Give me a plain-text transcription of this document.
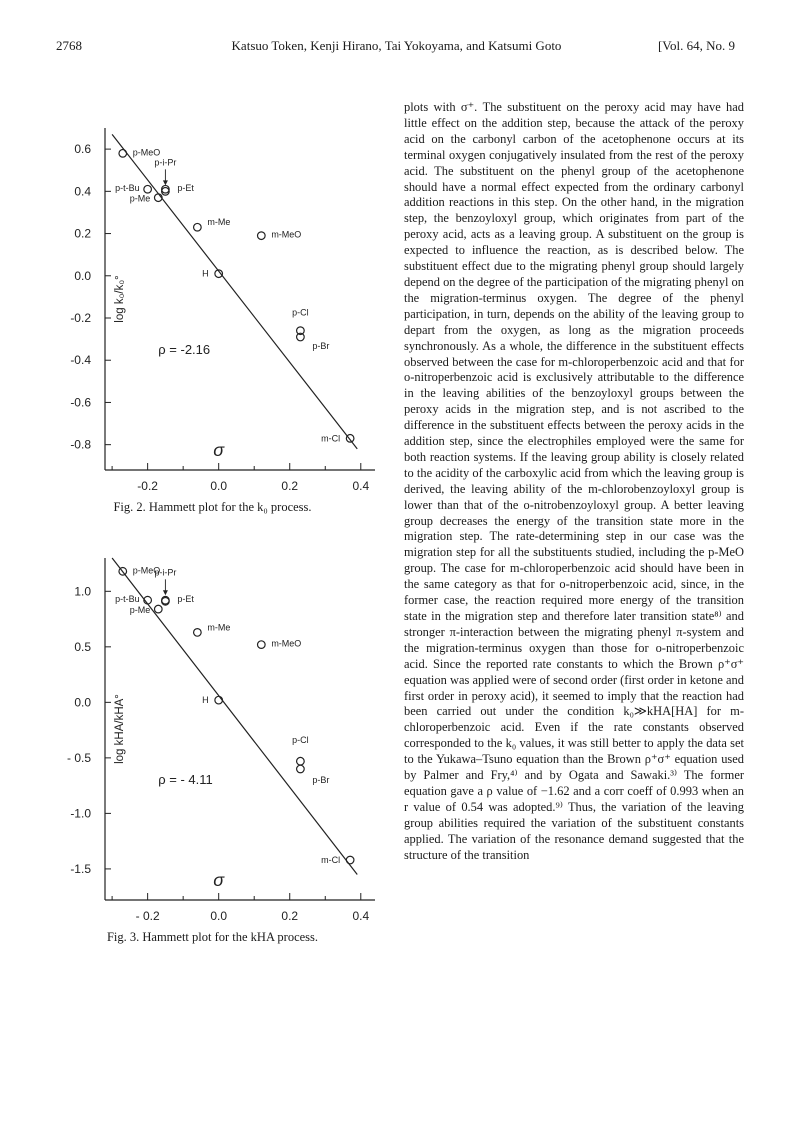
2768	Katsuo Token, Kenji Hirano, Tai Yokoyama, and Katsumi Goto	[Vol. 64, No. 9
0.6
0.4
0.2
0.0
-0.2
-0.4
-0.6
-0.8
-0.2	0.0	0.2	0.4
σ
log k₀/k₀°
p-MeO
p-i-Pr
p-t-Bu	p-Et
p-Me
m-Me
m-MeO
H
p-Cl
p-Br
m-Cl
ρ = -2.16
Fig. 2. Hammett plot for the k₀ process.
1.0
0.5
0.0
- 0.5
-1.0
-1.5
- 0.2	0.0	0.2	0.4
σ
log kHA/kHA°
p-MeO
p-i-Pr
p-t-Bu	p-Et
p-Me
m-Me
m-MeO
H
p-Cl
p-Br
m-Cl
ρ = - 4.11
Fig. 3. Hammett plot for the kHA process.

plots with σ⁺. The substituent on the peroxy acid may have had little effect on the addition step, because the attack of the peroxy acid on the carbonyl carbon of the acetophenone occurs at its terminal oxygen conjugatively insulated from the rest of the peroxy acid. The substituent on the phenyl group of the acetophenone should have a normal effect expected from the ordinary carbonyl addition reactions in this step. On the other hand, in the migration step, the benzoyloxyl group, which originates from part of the peroxy acid, acts as a leaving group. A substituent on the group is expected to influence the reaction, as is described below. The substituent effect due to the migrating phenyl group should largely depend on the degree of the participation of the migrating phenyl on the migration-terminus oxygen. The degree of the phenyl participation, in turn, depends on the ability of the leaving group to depart from the oxygen, as long as the migration proceeds synchronously. As a whole, the difference in the substituent effects observed between the case for m-chloroperbenzoic acid and that for o-nitroperbenzoic acid is exclusively attributable to the difference in the leaving abilities of the benzoyloxyl groups between the peroxy acids in the migration step, and is not ascribed to the difference in the substituent effects between the peroxy acids in the addition step, since the electrophiles employed were the same for both reaction systems. If the leaving group ability is closely related to the acidity of the carboxylic acid from which the leaving group is derived, the leaving ability of the m-chlorobenzoyloxyl group is lower than that of the o-nitrobenzoyloxyl group. A better leaving group decreases the energy of the transition state more in the migration step. The rate-determining step in our case was the migration step for all the substituents studied, including the p-MeO group. The case for m-chloroperbenzoic acid should have been in the same category as that for o-nitroperbenzoic acid, since, in the former case, the reaction required more energy of the transition state in the migration step and therefore later transition state⁸⁾ and stronger π-interaction between the migrating phenyl π-system and the migration-terminus oxygen than those for o-nitroperbenzoic acid. Since the reported rate constants to which the Brown ρ⁺σ⁺ equation was applied were of second order (first order in ketone and first order in peroxy acid), it seemed to imply that the reaction had been carried out under the condition k₀≫kHA[HA] for m-chloroperbenzoic acid. Even if the rate constants observed corresponded to the k₀ values, it was still better to apply the data set to the Yukawa–Tsuno equation than the Brown ρ⁺σ⁺ equation used by Palmer and Fry,⁴⁾ and by Ogata and Sawaki.³⁾ The former equation gave a ρ value of −1.62 and a corr coeff of 0.993 when an r value of 0.54 was adopted.⁹⁾ Thus, the variation of the leaving group abilities required the variation of the substituent constants applied. The variation of the resonance demand suggested that the structure of the transition
